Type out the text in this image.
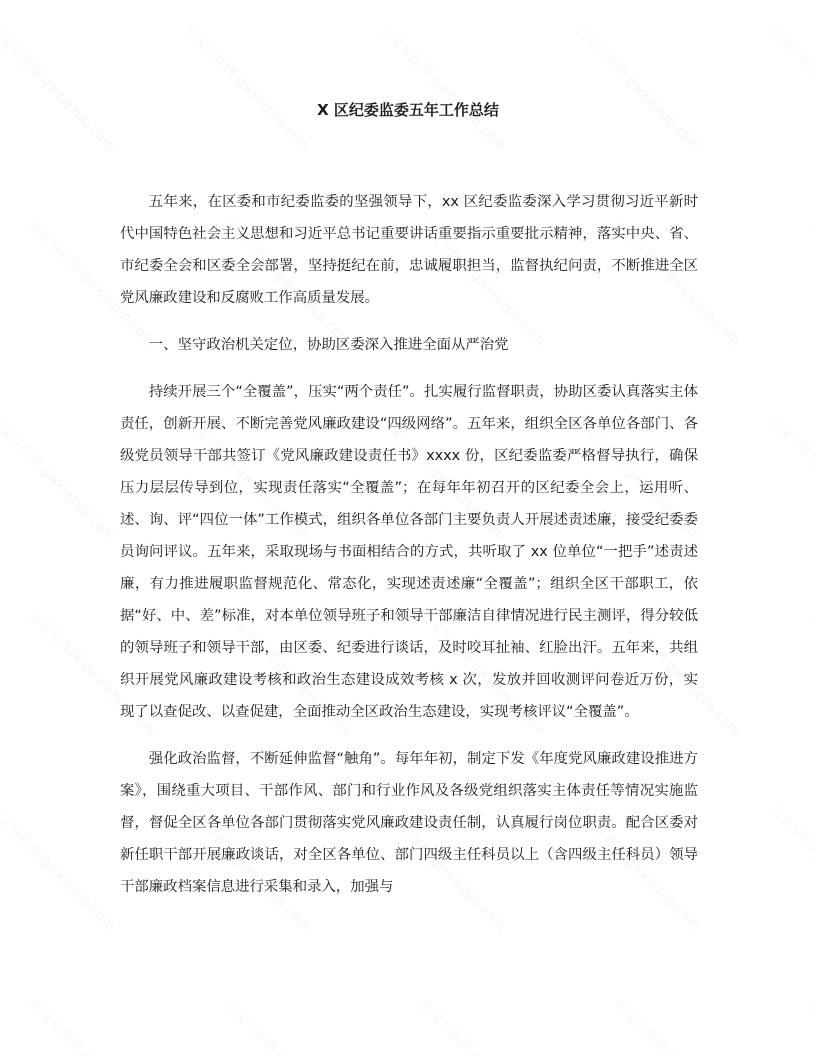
X 区纪委监委五年工作总结

五年来，在区委和市纪委监委的坚强领导下，xx 区纪委监委深入学习贯彻习近平新时代中国特色社会主义思想和习近平总书记重要讲话重要指示重要批示精神，落实中央、省、市纪委全会和区委全会部署，坚持挺纪在前，忠诚履职担当，监督执纪问责，不断推进全区党风廉政建设和反腐败工作高质量发展。

一、坚守政治机关定位，协助区委深入推进全面从严治党

持续开展三个“全覆盖”，压实“两个责任”。扎实履行监督职责，协助区委认真落实主体责任，创新开展、不断完善党风廉政建设“四级网络”。五年来，组织全区各单位各部门、各级党员领导干部共签订《党风廉政建设责任书》xxxx 份，区纪委监委严格督导执行，确保压力层层传导到位，实现责任落实“全覆盖”；在每年年初召开的区纪委全会上，运用听、述、询、评“四位一体”工作模式，组织各单位各部门主要负责人开展述责述廉，接受纪委委员询问评议。五年来，采取现场与书面相结合的方式，共听取了 xx 位单位“一把手”述责述廉，有力推进履职监督规范化、常态化，实现述责述廉“全覆盖”；组织全区干部职工，依据“好、中、差”标准，对本单位领导班子和领导干部廉洁自律情况进行民主测评，得分较低的领导班子和领导干部，由区委、纪委进行谈话，及时咬耳扯袖、红脸出汗。五年来，共组织开展党风廉政建设考核和政治生态建设成效考核 x 次，发放并回收测评问卷近万份，实现了以查促改、以查促建，全面推动全区政治生态建设，实现考核评议“全覆盖”。

强化政治监督，不断延伸监督“触角”。每年年初，制定下发《年度党风廉政建设推进方案》，围绕重大项目、干部作风、部门和行业作风及各级党组织落实主体责任等情况实施监督，督促全区各单位各部门贯彻落实党风廉政建设责任制，认真履行岗位职责。配合区委对新任职干部开展廉政谈话，对全区各单位、部门四级主任科员以上（含四级主任科员）领导干部廉政档案信息进行采集和录入，加强与
